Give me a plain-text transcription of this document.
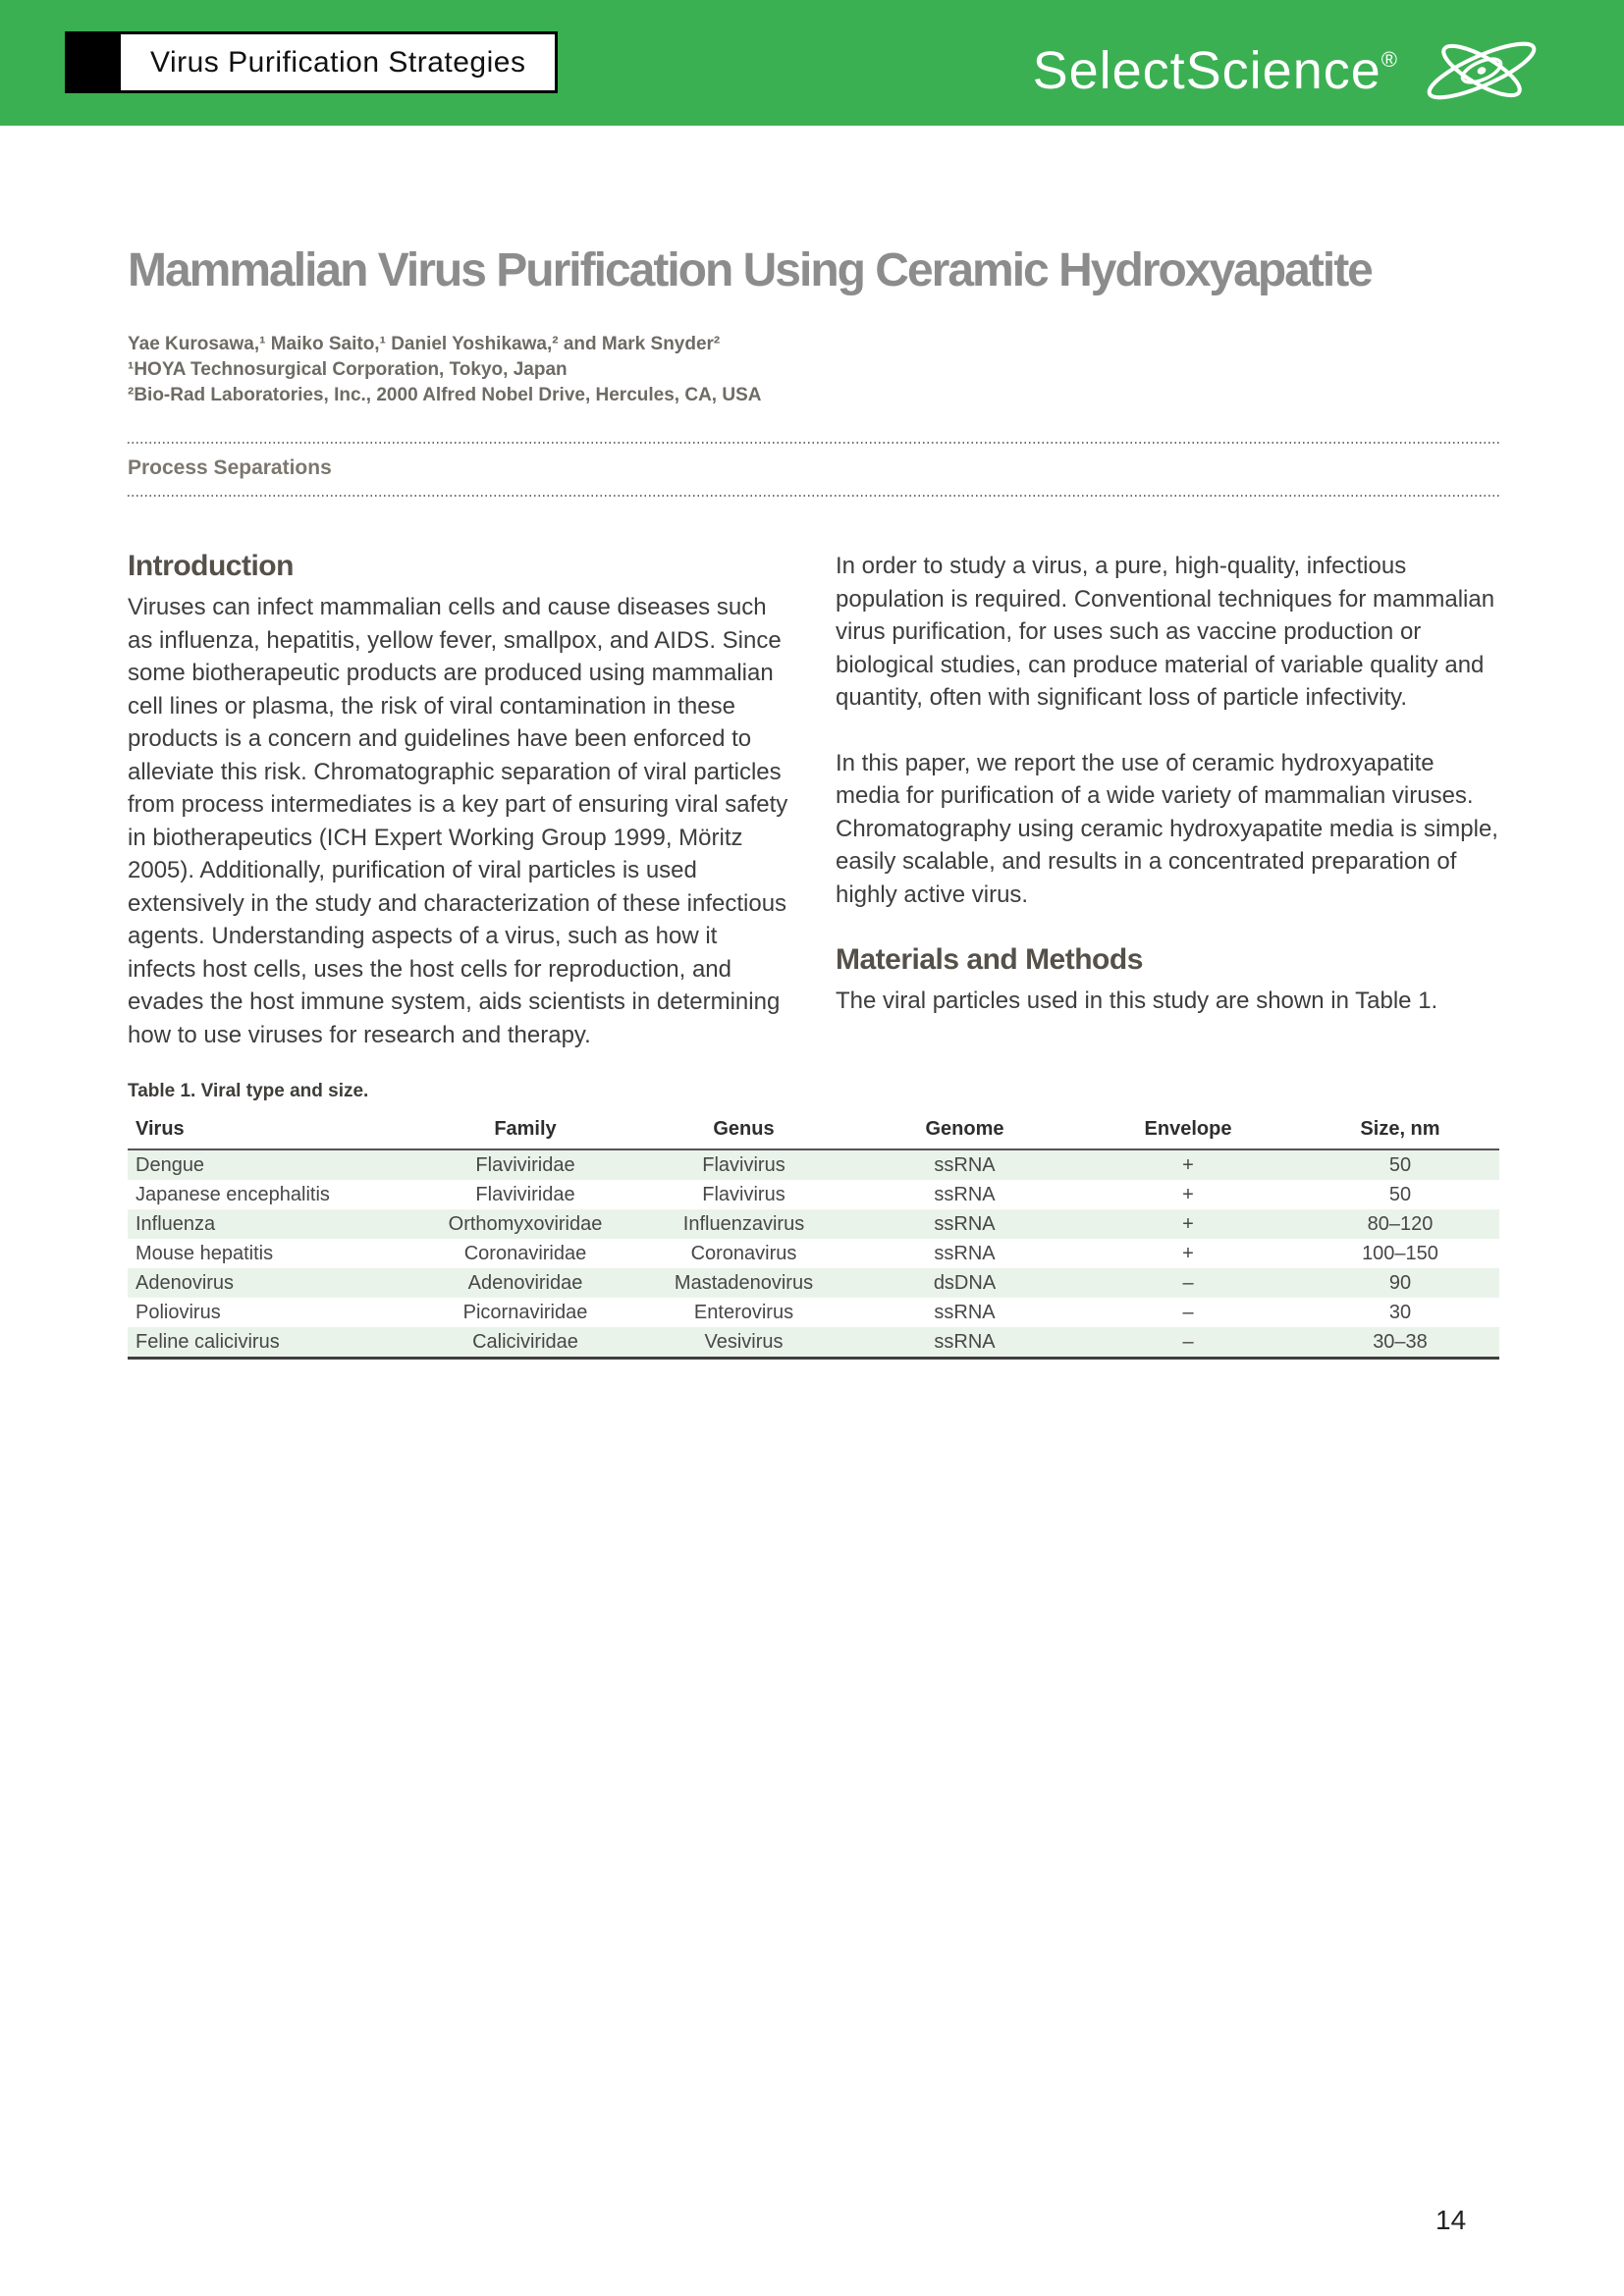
Virus Purification Strategies	SelectScience®
Mammalian Virus Purification Using Ceramic Hydroxyapatite
Yae Kurosawa,¹ Maiko Saito,¹ Daniel Yoshikawa,² and Mark Snyder²
¹HOYA Technosurgical Corporation, Tokyo, Japan
²Bio-Rad Laboratories, Inc., 2000 Alfred Nobel Drive, Hercules, CA, USA
Process Separations
Introduction

Viruses can infect mammalian cells and cause diseases such as influenza, hepatitis, yellow fever, smallpox, and AIDS. Since some biotherapeutic products are produced using mammalian cell lines or plasma, the risk of viral contamination in these products is a concern and guidelines have been enforced to alleviate this risk. Chromatographic separation of viral particles from process intermediates is a key part of ensuring viral safety in biotherapeutics (ICH Expert Working Group 1999, Möritz 2005). Additionally, purification of viral particles is used extensively in the study and characterization of these infectious agents. Understanding aspects of a virus, such as how it infects host cells, uses the host cells for reproduction, and evades the host immune system, aids scientists in determining how to use viruses for research and therapy.

In order to study a virus, a pure, high-quality, infectious population is required. Conventional techniques for mammalian virus purification, for uses such as vaccine production or biological studies, can produce material of variable quality and quantity, often with significant loss of particle infectivity.

In this paper, we report the use of ceramic hydroxyapatite media for purification of a wide variety of mammalian viruses. Chromatography using ceramic hydroxyapatite media is simple, easily scalable, and results in a concentrated preparation of highly active virus.

Materials and Methods

The viral particles used in this study are shown in Table 1.

Table 1. Viral type and size.
Virus	Family	Genus	Genome	Envelope	Size, nm
Dengue	Flaviviridae	Flavivirus	ssRNA	+	50
Japanese encephalitis	Flaviviridae	Flavivirus	ssRNA	+	50
Influenza	Orthomyxoviridae	Influenzavirus	ssRNA	+	80–120
Mouse hepatitis	Coronaviridae	Coronavirus	ssRNA	+	100–150
Adenovirus	Adenoviridae	Mastadenovirus	dsDNA	–	90
Poliovirus	Picornaviridae	Enterovirus	ssRNA	–	30
Feline calicivirus	Caliciviridae	Vesivirus	ssRNA	–	30–38
14
